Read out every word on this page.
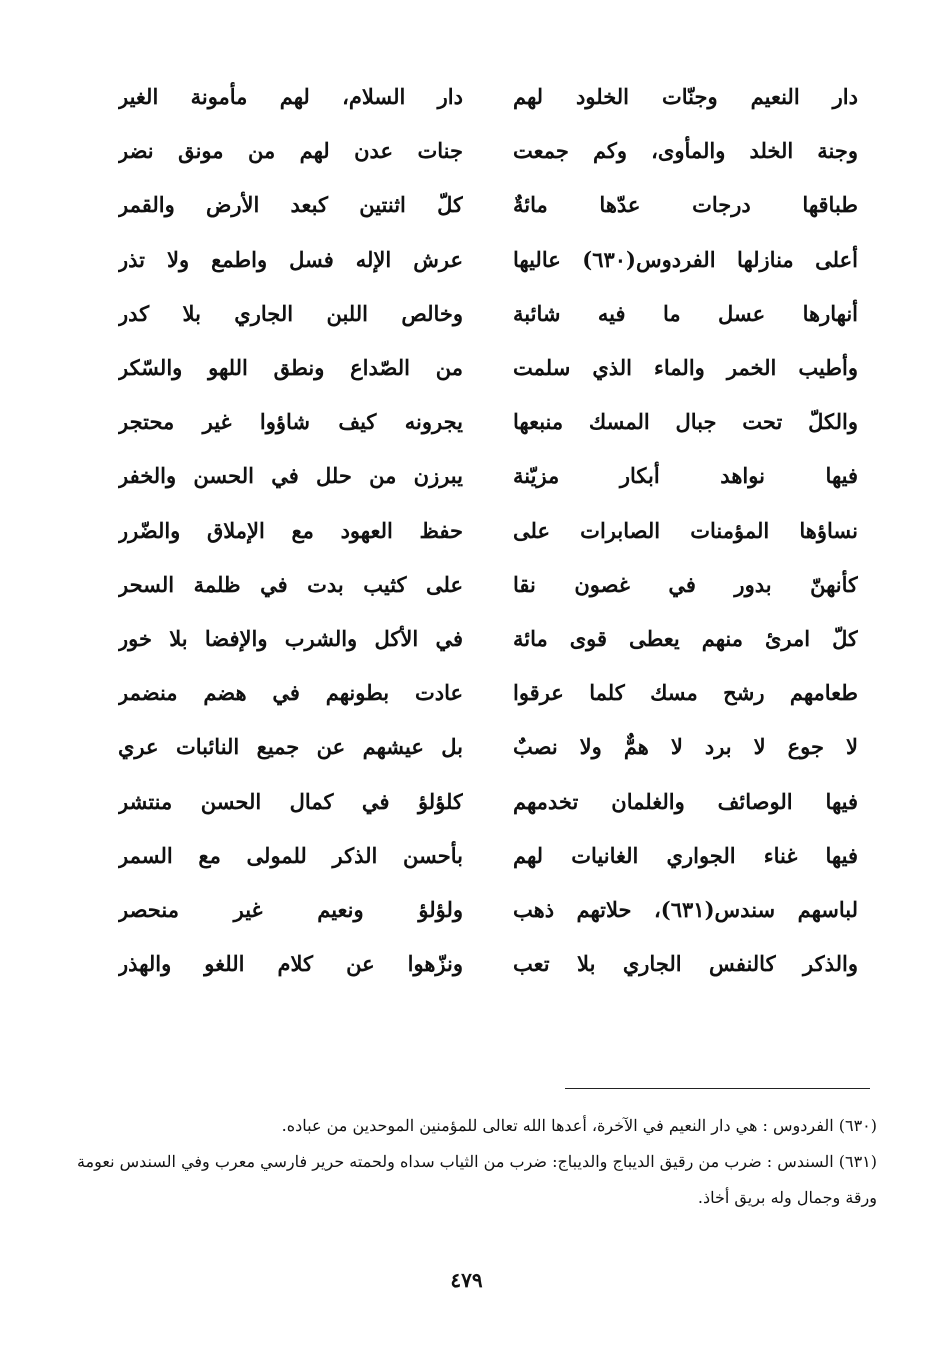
دار النعيم وجنّات الخلود لهم
دار السلام، لهم مأمونة الغير
وجنة الخلد والمأوى، وكم جمعت
جنات عدن لهم من مونق نضر
طباقها درجات عدّها مائةٌ
كلّ اثنتين كبعد الأرض والقمر
أعلى منازلها الفردوس(٦٣٠) عاليها
عرش الإله فسل واطمع ولا تذر
أنهارها عسل ما فيه شائبة
وخالص اللبن الجاري بلا كدر
وأطيب الخمر والماء الذي سلمت
من الصّداع ونطق اللهو والسّكر
والكلّ تحت جبال المسك منبعها
يجرونه كيف شاؤوا غير محتجر
فيها نواهد أبكار مزيّنة
يبرزن من حلل في الحسن والخفر
نساؤها المؤمنات الصابرات على
حفظ العهود مع الإملاق والضّرر
كأنهنّ بدور في غصون نقا
على كثيب بدت في ظلمة السحر
كلّ امرئ منهم يعطى قوى مائة
في الأكل والشرب والإفضا بلا خور
طعامهم رشح مسك كلما عرقوا
عادت بطونهم في هضم منضمر
لا جوع لا برد لا همٌّ ولا نصبٌ
بل عيشهم عن جميع النائبات عري
فيها الوصائف والغلمان تخدمهم
كلؤلؤ في كمال الحسن منتشر
فيها غناء الجواري الغانيات لهم
بأحسن الذكر للمولى مع السمر
لباسهم سندس(٦٣١)، حلاتهم ذهب
ولؤلؤ ونعيم غير منحصر
والذكر كالنفس الجاري بلا تعب
ونزّهوا عن كلام اللغو والهذر

(٦٣٠) الفردوس : هي دار النعيم في الآخرة، أعدها الله تعالى للمؤمنين الموحدين من عباده.

(٦٣١) السندس : ضرب من رقيق الديباج والديباج: ضرب من الثياب سداه ولحمته حرير فارسي معرب وفي السندس نعومة ورقة وجمال وله بريق أخاذ.

٤٧٩
